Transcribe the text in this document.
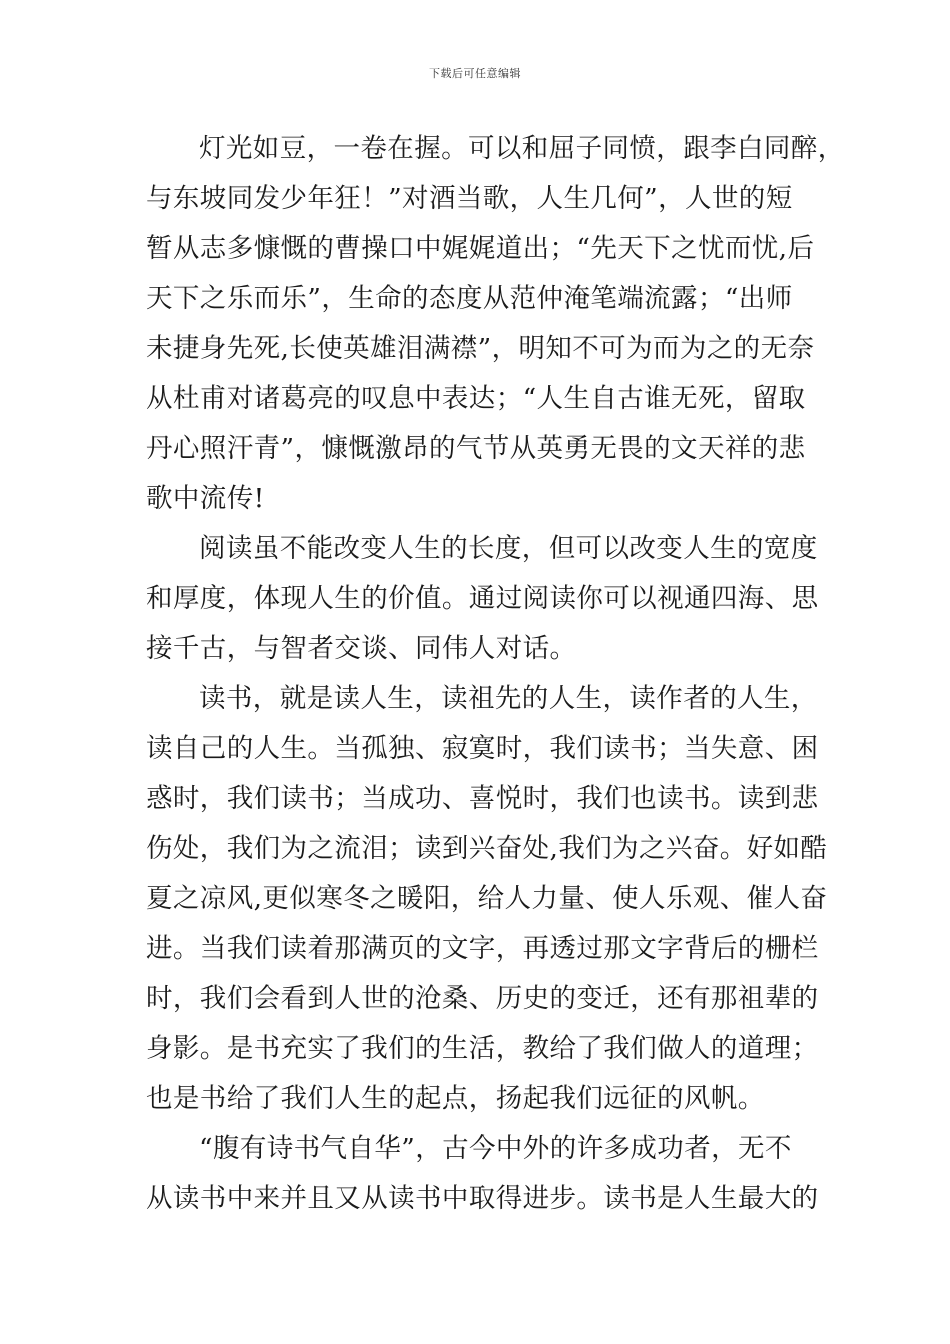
下载后可任意编辑
灯光如豆，一卷在握。可以和屈子同愤，跟李白同醉，
与东坡同发少年狂！”对酒当歌，人生几何”，人世的短
暂从志多慷慨的曹操口中娓娓道出；“先天下之忧而忧,后
天下之乐而乐”，生命的态度从范仲淹笔端流露；“出师
未捷身先死,长使英雄泪满襟”，明知不可为而为之的无奈
从杜甫对诸葛亮的叹息中表达；“人生自古谁无死，留取
丹心照汗青”，慷慨激昂的气节从英勇无畏的文天祥的悲
歌中流传!
阅读虽不能改变人生的长度，但可以改变人生的宽度
和厚度，体现人生的价值。通过阅读你可以视通四海、思
接千古，与智者交谈、同伟人对话。
读书，就是读人生，读祖先的人生，读作者的人生，
读自己的人生。当孤独、寂寞时，我们读书；当失意、困
惑时，我们读书；当成功、喜悦时，我们也读书。读到悲
伤处，我们为之流泪；读到兴奋处,我们为之兴奋。好如酷
夏之凉风,更似寒冬之暖阳，给人力量、使人乐观、催人奋
进。当我们读着那满页的文字，再透过那文字背后的栅栏
时，我们会看到人世的沧桑、历史的变迁，还有那祖辈的
身影。是书充实了我们的生活，教给了我们做人的道理；
也是书给了我们人生的起点，扬起我们远征的风帆。
“腹有诗书气自华”，古今中外的许多成功者，无不
从读书中来并且又从读书中取得进步。读书是人生最大的
